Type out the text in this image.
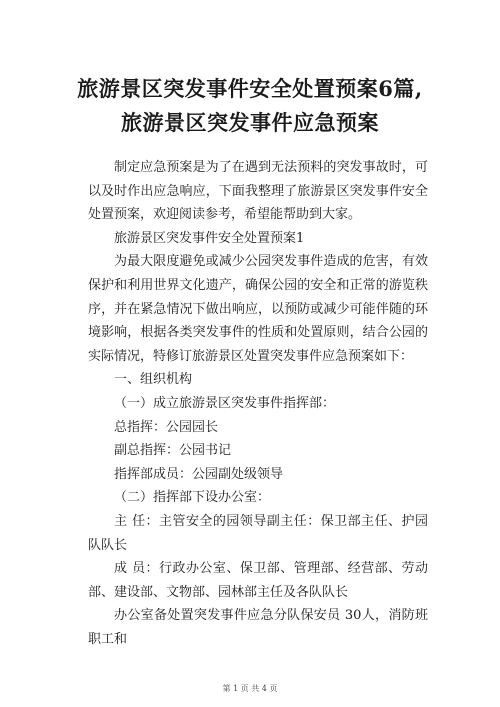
旅游景区突发事件安全处置预案6篇,旅游景区突发事件应急预案

制定应急预案是为了在遇到无法预料的突发事故时，可以及时作出应急响应，下面我整理了旅游景区突发事件安全处置预案，欢迎阅读参考，希望能帮助到大家。

旅游景区突发事件安全处置预案1

为最大限度避免或减少公园突发事件造成的危害，有效保护和利用世界文化遗产，确保公园的安全和正常的游览秩序，并在紧急情况下做出响应，以预防或减少可能伴随的环境影响，根据各类突发事件的性质和处置原则，结合公园的实际情况，特修订旅游景区处置突发事件应急预案如下：

一、组织机构

（一）成立旅游景区突发事件指挥部：

总指挥：公园园长

副总指挥：公园书记

指挥部成员：公园副处级领导

（二）指挥部下设办公室：

主 任：主管安全的园领导副主任：保卫部主任、护园队队长

成 员：行政办公室、保卫部、管理部、经营部、劳动部、建设部、文物部、园林部主任及各队队长

办公室备处置突发事件应急分队保安员 30人，消防班职工和

第 1 页 共 4 页
